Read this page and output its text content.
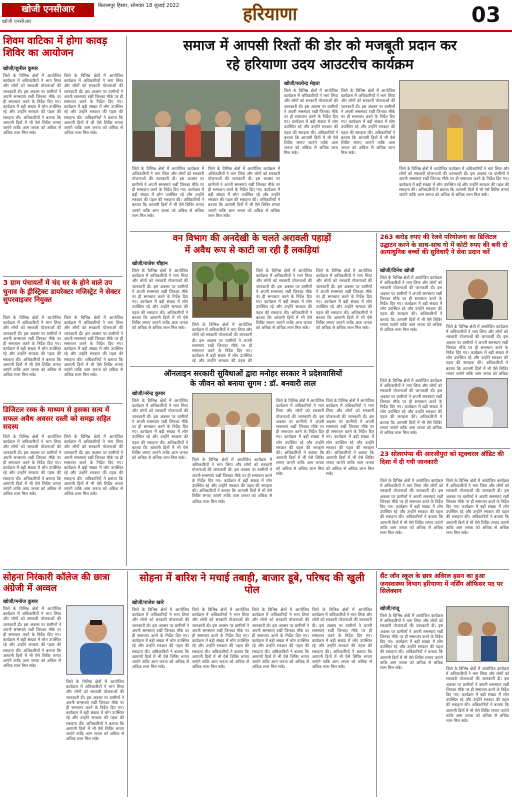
खोजी एनसीआर	बिलासपुर हिसार, सोमवार 18 जुलाई 2022
खोजी एनसीआर	हरियाणा	03
शिवम वाटिका में होगा कावड़ शिविर का आयोजन
खोजी/सुनील कुमार
जिले के विभिन्न क्षेत्रों में आयोजित कार्यक्रम में अधिकारियों ने भाग लिया और लोगों को सरकारी योजनाओं की जानकारी दी। इस अवसर पर ग्रामीणों ने अपनी समस्याएं रखीं जिनका मौके पर ही समाधान करने के निर्देश दिए गए। कार्यक्रम में बड़ी संख्या में लोग उपस्थित रहे और उन्होंने सरकार की पहल की सराहना की। अधिकारियों ने बताया कि आगामी दिनों में भी ऐसे शिविर लगाए जाएंगे ताकि आम जनता को अधिक से अधिक लाभ मिल सके।
जिले के विभिन्न क्षेत्रों में आयोजित कार्यक्रम में अधिकारियों ने भाग लिया और लोगों को सरकारी योजनाओं की जानकारी दी। इस अवसर पर ग्रामीणों ने अपनी समस्याएं रखीं जिनका मौके पर ही समाधान करने के निर्देश दिए गए। कार्यक्रम में बड़ी संख्या में लोग उपस्थित रहे और उन्होंने सरकार की पहल की सराहना की। अधिकारियों ने बताया कि आगामी दिनों में भी ऐसे शिविर लगाए जाएंगे ताकि आम जनता को अधिक से अधिक लाभ मिल सके।
3 ग्राम पंचायतों में चंद घर के होने वाले उप चुनाव के ड्रीस्ट्रिक्ट डायरेक्टर मजिस्ट्रेट ने सेक्टर सुपरवाइजर नियुक्त
जिले के विभिन्न क्षेत्रों में आयोजित कार्यक्रम में अधिकारियों ने भाग लिया और लोगों को सरकारी योजनाओं की जानकारी दी। इस अवसर पर ग्रामीणों ने अपनी समस्याएं रखीं जिनका मौके पर ही समाधान करने के निर्देश दिए गए। कार्यक्रम में बड़ी संख्या में लोग उपस्थित रहे और उन्होंने सरकार की पहल की सराहना की। अधिकारियों ने बताया कि आगामी दिनों में भी ऐसे शिविर लगाए जाएंगे ताकि आम जनता को अधिक से अधिक लाभ मिल सके।
जिले के विभिन्न क्षेत्रों में आयोजित कार्यक्रम में अधिकारियों ने भाग लिया और लोगों को सरकारी योजनाओं की जानकारी दी। इस अवसर पर ग्रामीणों ने अपनी समस्याएं रखीं जिनका मौके पर ही समाधान करने के निर्देश दिए गए। कार्यक्रम में बड़ी संख्या में लोग उपस्थित रहे और उन्होंने सरकार की पहल की सराहना की। अधिकारियों ने बताया कि आगामी दिनों में भी ऐसे शिविर लगाए जाएंगे ताकि आम जनता को अधिक से अधिक लाभ मिल सके।
डिजिटल रस्क के माध्यम से इसका सत्य में सफल अवैध अवसर दस्ती को समझ सहित सदस्य
जिले के विभिन्न क्षेत्रों में आयोजित कार्यक्रम में अधिकारियों ने भाग लिया और लोगों को सरकारी योजनाओं की जानकारी दी। इस अवसर पर ग्रामीणों ने अपनी समस्याएं रखीं जिनका मौके पर ही समाधान करने के निर्देश दिए गए। कार्यक्रम में बड़ी संख्या में लोग उपस्थित रहे और उन्होंने सरकार की पहल की सराहना की। अधिकारियों ने बताया कि आगामी दिनों में भी ऐसे शिविर लगाए जाएंगे ताकि आम जनता को अधिक से अधिक लाभ मिल सके।
जिले के विभिन्न क्षेत्रों में आयोजित कार्यक्रम में अधिकारियों ने भाग लिया और लोगों को सरकारी योजनाओं की जानकारी दी। इस अवसर पर ग्रामीणों ने अपनी समस्याएं रखीं जिनका मौके पर ही समाधान करने के निर्देश दिए गए। कार्यक्रम में बड़ी संख्या में लोग उपस्थित रहे और उन्होंने सरकार की पहल की सराहना की। अधिकारियों ने बताया कि आगामी दिनों में भी ऐसे शिविर लगाए जाएंगे ताकि आम जनता को अधिक से अधिक लाभ मिल सके।
समाज में आपसी रिश्तों की डोर को मजबूती प्रदान कर
रहे हरियाणा उदय आउटरीच कार्यक्रम
खोजी/सत्येन्द्र मेहता
जिले के विभिन्न क्षेत्रों में आयोजित कार्यक्रम में अधिकारियों ने भाग लिया और लोगों को सरकारी योजनाओं की जानकारी दी। इस अवसर पर ग्रामीणों ने अपनी समस्याएं रखीं जिनका मौके पर ही समाधान करने के निर्देश दिए गए। कार्यक्रम में बड़ी संख्या में लोग उपस्थित रहे और उन्होंने सरकार की पहल की सराहना की। अधिकारियों ने बताया कि आगामी दिनों में भी ऐसे शिविर लगाए जाएंगे ताकि आम जनता को अधिक से अधिक लाभ मिल सके।
जिले के विभिन्न क्षेत्रों में आयोजित कार्यक्रम में अधिकारियों ने भाग लिया और लोगों को सरकारी योजनाओं की जानकारी दी। इस अवसर पर ग्रामीणों ने अपनी समस्याएं रखीं जिनका मौके पर ही समाधान करने के निर्देश दिए गए। कार्यक्रम में बड़ी संख्या में लोग उपस्थित रहे और उन्होंने सरकार की पहल की सराहना की। अधिकारियों ने बताया कि आगामी दिनों में भी ऐसे शिविर लगाए जाएंगे ताकि आम जनता को अधिक से अधिक लाभ मिल सके।
जिले के विभिन्न क्षेत्रों में आयोजित कार्यक्रम में अधिकारियों ने भाग लिया और लोगों को सरकारी योजनाओं की जानकारी दी। इस अवसर पर ग्रामीणों ने अपनी समस्याएं रखीं जिनका मौके पर ही समाधान करने के निर्देश दिए गए। कार्यक्रम में बड़ी संख्या में लोग उपस्थित रहे और उन्होंने सरकार की पहल की सराहना की। अधिकारियों ने बताया कि आगामी दिनों में भी ऐसे शिविर लगाए जाएंगे ताकि आम जनता को अधिक से अधिक लाभ मिल सके।
जिले के विभिन्न क्षेत्रों में आयोजित कार्यक्रम में अधिकारियों ने भाग लिया और लोगों को सरकारी योजनाओं की जानकारी दी। इस अवसर पर ग्रामीणों ने अपनी समस्याएं रखीं जिनका मौके पर ही समाधान करने के निर्देश दिए गए। कार्यक्रम में बड़ी संख्या में लोग उपस्थित रहे और उन्होंने सरकार की पहल की सराहना की। अधिकारियों ने बताया कि आगामी दिनों में भी ऐसे शिविर लगाए जाएंगे ताकि आम जनता को अधिक से अधिक लाभ मिल सके।
जिले के विभिन्न क्षेत्रों में आयोजित कार्यक्रम में अधिकारियों ने भाग लिया और लोगों को सरकारी योजनाओं की जानकारी दी। इस अवसर पर ग्रामीणों ने अपनी समस्याएं रखीं जिनका मौके पर ही समाधान करने के निर्देश दिए गए। कार्यक्रम में बड़ी संख्या में लोग उपस्थित रहे और उन्होंने सरकार की पहल की सराहना की। अधिकारियों ने बताया कि आगामी दिनों में भी ऐसे शिविर लगाए जाएंगे ताकि आम जनता को अधिक से अधिक लाभ मिल सके।
वन विभाग की अनदेखी के चलते अरावली पहाड़ों
में अवैध रूप से काटी जा रही हैं लकड़ियां
खोजी/राजेश चौहान
जिले के विभिन्न क्षेत्रों में आयोजित कार्यक्रम में अधिकारियों ने भाग लिया और लोगों को सरकारी योजनाओं की जानकारी दी। इस अवसर पर ग्रामीणों ने अपनी समस्याएं रखीं जिनका मौके पर ही समाधान करने के निर्देश दिए गए। कार्यक्रम में बड़ी संख्या में लोग उपस्थित रहे और उन्होंने सरकार की पहल की सराहना की। अधिकारियों ने बताया कि आगामी दिनों में भी ऐसे शिविर लगाए जाएंगे ताकि आम जनता को अधिक से अधिक लाभ मिल सके।
जिले के विभिन्न क्षेत्रों में आयोजित कार्यक्रम में अधिकारियों ने भाग लिया और लोगों को सरकारी योजनाओं की जानकारी दी। इस अवसर पर ग्रामीणों ने अपनी समस्याएं रखीं जिनका मौके पर ही समाधान करने के निर्देश दिए गए। कार्यक्रम में बड़ी संख्या में लोग उपस्थित रहे और उन्होंने सरकार की पहल की सराहना की। अधिकारियों ने बताया कि आगामी दिनों में भी ऐसे शिविर लगाए जाएंगे ताकि आम जनता को अधिक से अधिक लाभ मिल सके।
जिले के विभिन्न क्षेत्रों में आयोजित कार्यक्रम में अधिकारियों ने भाग लिया और लोगों को सरकारी योजनाओं की जानकारी दी। इस अवसर पर ग्रामीणों ने अपनी समस्याएं रखीं जिनका मौके पर ही समाधान करने के निर्देश दिए गए। कार्यक्रम में बड़ी संख्या में लोग उपस्थित रहे और उन्होंने सरकार की पहल की सराहना की। अधिकारियों ने बताया कि आगामी दिनों में भी ऐसे शिविर लगाए जाएंगे ताकि आम जनता को अधिक से अधिक लाभ मिल सके।
जिले के विभिन्न क्षेत्रों में आयोजित कार्यक्रम में अधिकारियों ने भाग लिया और लोगों को सरकारी योजनाओं की जानकारी दी। इस अवसर पर ग्रामीणों ने अपनी समस्याएं रखीं जिनका मौके पर ही समाधान करने के निर्देश दिए गए। कार्यक्रम में बड़ी संख्या में लोग उपस्थित रहे और उन्होंने सरकार की पहल की
263 करोड़ रुपए की रेलवे परियोजना का डिजिटल उद्घाटन करने के साथ-साथ गो में कोटी रुपए की बनी दो अत्याधुनिक बच्चों की सुविधाएँ ने सेवा प्रदान करें
खोजी/दिनेश खोजी
जिले के विभिन्न क्षेत्रों में आयोजित कार्यक्रम में अधिकारियों ने भाग लिया और लोगों को सरकारी योजनाओं की जानकारी दी। इस अवसर पर ग्रामीणों ने अपनी समस्याएं रखीं जिनका मौके पर ही समाधान करने के निर्देश दिए गए। कार्यक्रम में बड़ी संख्या में लोग उपस्थित रहे और उन्होंने सरकार की पहल की सराहना की। अधिकारियों ने बताया कि आगामी दिनों में भी ऐसे शिविर लगाए जाएंगे ताकि आम जनता को अधिक से अधिक लाभ मिल सके।
जिले के विभिन्न क्षेत्रों में आयोजित कार्यक्रम में अधिकारियों ने भाग लिया और लोगों को सरकारी योजनाओं की जानकारी दी। इस अवसर पर ग्रामीणों ने अपनी समस्याएं रखीं जिनका मौके पर ही समाधान करने के निर्देश दिए गए। कार्यक्रम में बड़ी संख्या में लोग उपस्थित रहे और उन्होंने सरकार की पहल की सराहना की। अधिकारियों ने बताया कि आगामी दिनों में भी ऐसे शिविर लगाए जाएंगे ताकि आम जनता को अधिक
जिले के विभिन्न क्षेत्रों में आयोजित कार्यक्रम में अधिकारियों ने भाग लिया और लोगों को सरकारी योजनाओं की जानकारी दी। इस अवसर पर ग्रामीणों ने अपनी समस्याएं रखीं जिनका मौके पर ही समाधान करने के निर्देश दिए गए। कार्यक्रम में बड़ी संख्या में लोग उपस्थित रहे और उन्होंने सरकार की पहल की सराहना की। अधिकारियों ने बताया कि आगामी दिनों में भी ऐसे शिविर लगाए जाएंगे ताकि आम जनता को अधिक से अधिक लाभ मिल सके।
ऑनलाइन सरकारी सुविधाओं द्वारा मनोहर सरकार ने प्रदेशवासियों
के जीवन को बनाया सुगम : डॉ. बनवारी लाल
खोजी/नरेन्द्र कुमार
जिले के विभिन्न क्षेत्रों में आयोजित कार्यक्रम में अधिकारियों ने भाग लिया और लोगों को सरकारी योजनाओं की जानकारी दी। इस अवसर पर ग्रामीणों ने अपनी समस्याएं रखीं जिनका मौके पर ही समाधान करने के निर्देश दिए गए। कार्यक्रम में बड़ी संख्या में लोग उपस्थित रहे और उन्होंने सरकार की पहल की सराहना की। अधिकारियों ने बताया कि आगामी दिनों में भी ऐसे शिविर लगाए जाएंगे ताकि आम जनता को अधिक से अधिक लाभ मिल सके।
जिले के विभिन्न क्षेत्रों में आयोजित कार्यक्रम में अधिकारियों ने भाग लिया और लोगों को सरकारी योजनाओं की जानकारी दी। इस अवसर पर ग्रामीणों ने अपनी समस्याएं रखीं जिनका मौके पर ही समाधान करने के निर्देश दिए गए। कार्यक्रम में बड़ी संख्या में लोग उपस्थित रहे और उन्होंने सरकार की पहल की सराहना की। अधिकारियों ने बताया कि आगामी दिनों में भी ऐसे शिविर लगाए जाएंगे ताकि आम जनता को अधिक से अधिक लाभ मिल सके।
जिले के विभिन्न क्षेत्रों में आयोजित कार्यक्रम में अधिकारियों ने भाग लिया और लोगों को सरकारी योजनाओं की जानकारी दी। इस अवसर पर ग्रामीणों ने अपनी समस्याएं रखीं जिनका मौके पर ही समाधान करने के निर्देश दिए गए। कार्यक्रम में बड़ी संख्या में लोग उपस्थित रहे और उन्होंने सरकार की पहल की सराहना की। अधिकारियों ने बताया कि आगामी दिनों में भी ऐसे शिविर लगाए जाएंगे ताकि आम जनता को अधिक से अधिक लाभ मिल सके।
जिले के विभिन्न क्षेत्रों में आयोजित कार्यक्रम में अधिकारियों ने भाग लिया और लोगों को सरकारी योजनाओं की जानकारी दी। इस अवसर पर ग्रामीणों ने अपनी समस्याएं रखीं जिनका मौके पर ही समाधान करने के निर्देश दिए गए। कार्यक्रम में बड़ी संख्या में लोग उपस्थित रहे और उन्होंने सरकार की पहल की सराहना की। अधिकारियों ने बताया कि आगामी दिनों में भी ऐसे शिविर लगाए जाएंगे ताकि आम जनता को अधिक से अधिक लाभ मिल सके।
23 सोलरपंप्स की आरजीपुरा को स्ट्रक्चरल ऑडिट की दिशा में दी गयी जानकारी
जिले के विभिन्न क्षेत्रों में आयोजित कार्यक्रम में अधिकारियों ने भाग लिया और लोगों को सरकारी योजनाओं की जानकारी दी। इस अवसर पर ग्रामीणों ने अपनी समस्याएं रखीं जिनका मौके पर ही समाधान करने के निर्देश दिए गए। कार्यक्रम में बड़ी संख्या में लोग उपस्थित रहे और उन्होंने सरकार की पहल की सराहना की। अधिकारियों ने बताया कि आगामी दिनों में भी ऐसे शिविर लगाए जाएंगे ताकि आम जनता को अधिक से अधिक लाभ मिल सके।
जिले के विभिन्न क्षेत्रों में आयोजित कार्यक्रम में अधिकारियों ने भाग लिया और लोगों को सरकारी योजनाओं की जानकारी दी। इस अवसर पर ग्रामीणों ने अपनी समस्याएं रखीं जिनका मौके पर ही समाधान करने के निर्देश दिए गए। कार्यक्रम में बड़ी संख्या में लोग उपस्थित रहे और उन्होंने सरकार की पहल की सराहना की। अधिकारियों ने बताया कि आगामी दिनों में भी ऐसे शिविर लगाए जाएंगे ताकि आम जनता को अधिक से अधिक लाभ मिल सके।
सोहना निरंकारी कॉलेज की छात्रा अंग्रेजी में अव्वल
खोजी/मनोज कुमार
जिले के विभिन्न क्षेत्रों में आयोजित कार्यक्रम में अधिकारियों ने भाग लिया और लोगों को सरकारी योजनाओं की जानकारी दी। इस अवसर पर ग्रामीणों ने अपनी समस्याएं रखीं जिनका मौके पर ही समाधान करने के निर्देश दिए गए। कार्यक्रम में बड़ी संख्या में लोग उपस्थित रहे और उन्होंने सरकार की पहल की सराहना की। अधिकारियों ने बताया कि आगामी दिनों में भी ऐसे शिविर लगाए जाएंगे ताकि आम जनता को अधिक से अधिक लाभ मिल सके।
जिले के विभिन्न क्षेत्रों में आयोजित कार्यक्रम में अधिकारियों ने भाग लिया और लोगों को सरकारी योजनाओं की जानकारी दी। इस अवसर पर ग्रामीणों ने अपनी समस्याएं रखीं जिनका मौके पर ही समाधान करने के निर्देश दिए गए। कार्यक्रम में बड़ी संख्या में लोग उपस्थित रहे और उन्होंने सरकार की पहल की सराहना की। अधिकारियों ने बताया कि आगामी दिनों में भी ऐसे शिविर लगाए जाएंगे ताकि आम जनता को अधिक से अधिक लाभ मिल सके।
सोहना में बारिश ने मचाई तबाही, बाजार डूबे, परिषद की खुली पोल
खोजी/राजेश खारे
जिले के विभिन्न क्षेत्रों में आयोजित कार्यक्रम में अधिकारियों ने भाग लिया और लोगों को सरकारी योजनाओं की जानकारी दी। इस अवसर पर ग्रामीणों ने अपनी समस्याएं रखीं जिनका मौके पर ही समाधान करने के निर्देश दिए गए। कार्यक्रम में बड़ी संख्या में लोग उपस्थित रहे और उन्होंने सरकार की पहल की सराहना की। अधिकारियों ने बताया कि आगामी दिनों में भी ऐसे शिविर लगाए जाएंगे ताकि आम जनता को अधिक से अधिक लाभ मिल सके।
जिले के विभिन्न क्षेत्रों में आयोजित कार्यक्रम में अधिकारियों ने भाग लिया और लोगों को सरकारी योजनाओं की जानकारी दी। इस अवसर पर ग्रामीणों ने अपनी समस्याएं रखीं जिनका मौके पर ही समाधान करने के निर्देश दिए गए। कार्यक्रम में बड़ी संख्या में लोग उपस्थित रहे और उन्होंने सरकार की पहल की सराहना की। अधिकारियों ने बताया कि आगामी दिनों में भी ऐसे शिविर लगाए जाएंगे ताकि आम जनता को अधिक से अधिक लाभ मिल सके।
जिले के विभिन्न क्षेत्रों में आयोजित कार्यक्रम में अधिकारियों ने भाग लिया और लोगों को सरकारी योजनाओं की जानकारी दी। इस अवसर पर ग्रामीणों ने अपनी समस्याएं रखीं जिनका मौके पर ही समाधान करने के निर्देश दिए गए। कार्यक्रम में बड़ी संख्या में लोग उपस्थित रहे और उन्होंने सरकार की पहल की सराहना की। अधिकारियों ने बताया कि आगामी दिनों में भी ऐसे शिविर लगाए जाएंगे ताकि आम जनता को अधिक से अधिक लाभ मिल सके।
जिले के विभिन्न क्षेत्रों में आयोजित कार्यक्रम में अधिकारियों ने भाग लिया और लोगों को सरकारी योजनाओं की जानकारी दी। इस अवसर पर ग्रामीणों ने अपनी समस्याएं रखीं जिनका मौके पर ही समाधान करने के निर्देश दिए गए। कार्यक्रम में बड़ी संख्या में लोग उपस्थित रहे और उन्होंने सरकार की पहल की सराहना की। अधिकारियों ने बताया कि आगामी दिनों में भी ऐसे शिविर लगाए जाएंगे ताकि आम जनता को अधिक से अधिक लाभ मिल सके।
सैंट जॉन स्कूल के छात्र अविरल हसन का हुआ जनस्वास्थ्य विभाग हरियाणा में नर्सिंग ऑफिसर पद पर सिलेक्शन
खोजी/राजू
जिले के विभिन्न क्षेत्रों में आयोजित कार्यक्रम में अधिकारियों ने भाग लिया और लोगों को सरकारी योजनाओं की जानकारी दी। इस अवसर पर ग्रामीणों ने अपनी समस्याएं रखीं जिनका मौके पर ही समाधान करने के निर्देश दिए गए। कार्यक्रम में बड़ी संख्या में लोग उपस्थित रहे और उन्होंने सरकार की पहल की सराहना की। अधिकारियों ने बताया कि आगामी दिनों में भी ऐसे शिविर लगाए जाएंगे ताकि आम जनता को अधिक से अधिक लाभ मिल सके।	जिले के विभिन्न क्षेत्रों में आयोजित कार्यक्रम में अधिकारियों ने भाग लिया और लोगों को सरकारी योजनाओं की जानकारी दी। इस अवसर पर ग्रामीणों ने अपनी समस्याएं रखीं जिनका मौके पर ही समाधान करने के निर्देश दिए गए। कार्यक्रम में बड़ी संख्या में लोग उपस्थित रहे और उन्होंने सरकार की पहल की सराहना की। अधिकारियों ने बताया कि आगामी दिनों में भी ऐसे शिविर लगाए जाएंगे ताकि आम जनता को अधिक से अधिक लाभ मिल सके।
